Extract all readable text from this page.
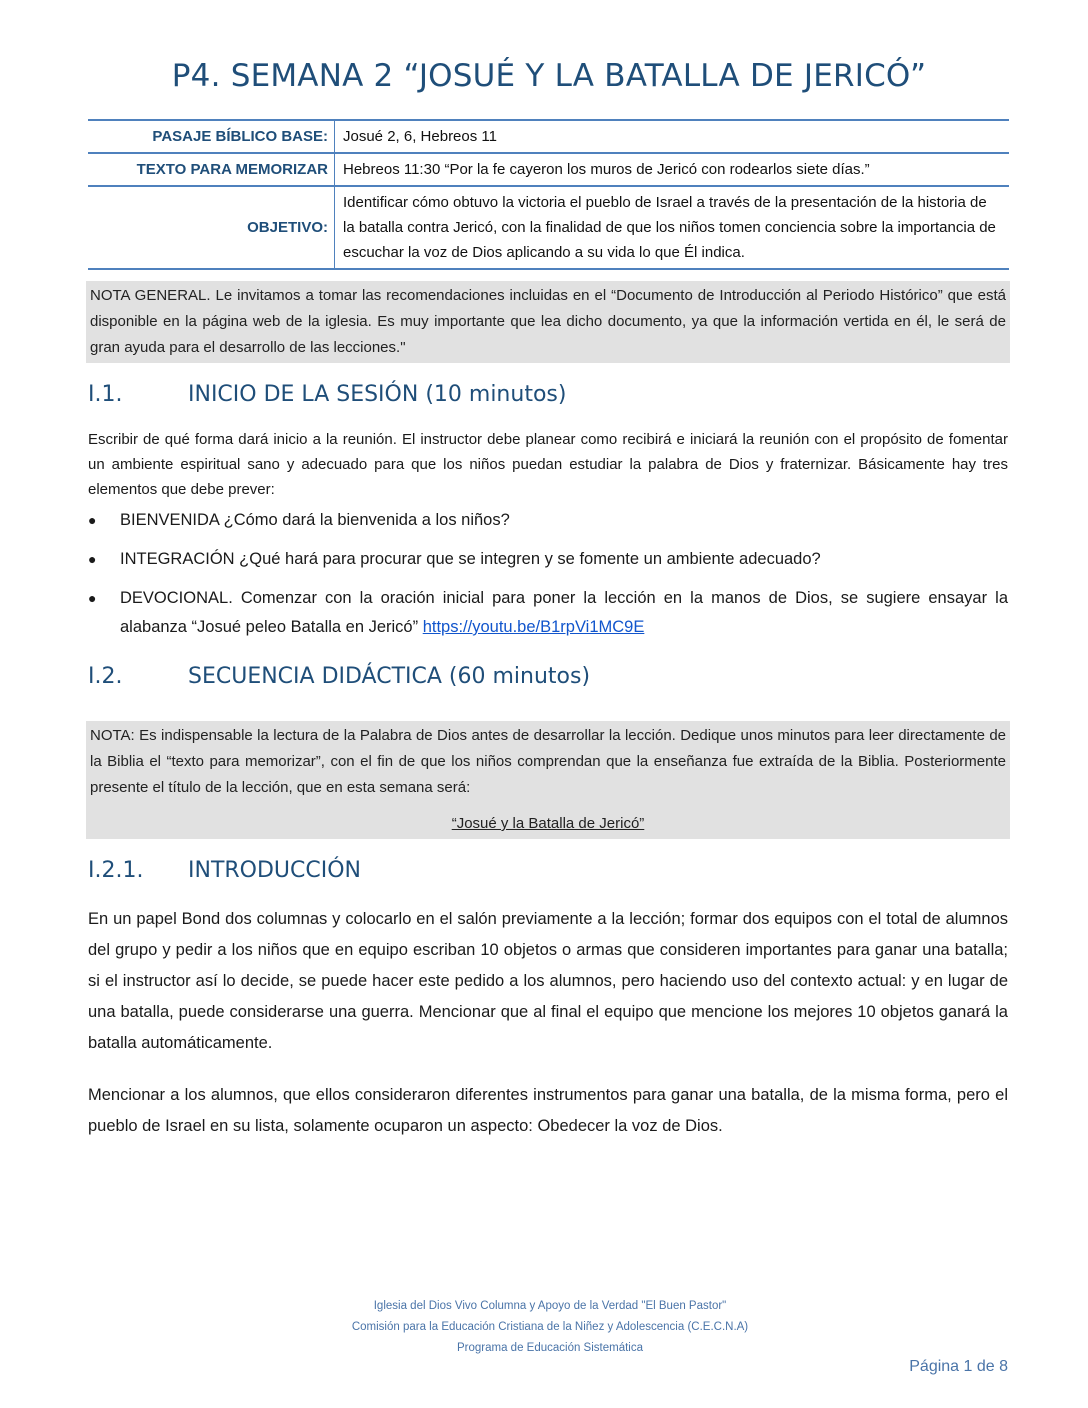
P4. SEMANA 2 “JOSUÉ Y LA BATALLA DE JERICÓ”
PASAJE BÍBLICO BASE:	Josué 2, 6, Hebreos 11
TEXTO PARA MEMORIZAR	Hebreos 11:30 “Por la fe cayeron los muros de Jericó con rodearlos siete días.”
OBJETIVO:	Identificar cómo obtuvo la victoria el pueblo de Israel a través de la presentación de la historia de la batalla contra Jericó, con la finalidad de que los niños tomen conciencia sobre la importancia de escuchar la voz de Dios aplicando a su vida lo que Él indica.
NOTA GENERAL. Le invitamos a tomar las recomendaciones incluidas en el “Documento de Introducción al Periodo Histórico” que está disponible en la página web de la iglesia. Es muy importante que lea dicho documento, ya que la información vertida en él, le será de gran ayuda para el desarrollo de las lecciones."
I.1.	INICIO DE LA SESIÓN (10 minutos)
Escribir de qué forma dará inicio a la reunión. El instructor debe planear como recibirá e iniciará la reunión con el propósito de fomentar un ambiente espiritual sano y adecuado para que los niños puedan estudiar la palabra de Dios y fraternizar. Básicamente hay tres elementos que debe prever:
●	BIENVENIDA ¿Cómo dará la bienvenida a los niños?
●	INTEGRACIÓN ¿Qué hará para procurar que se integren y se fomente un ambiente adecuado?
●	DEVOCIONAL. Comenzar con la oración inicial para poner la lección en la manos de Dios, se sugiere ensayar la alabanza “Josué peleo Batalla en Jericó” https://youtu.be/B1rpVi1MC9E
I.2.	SECUENCIA DIDÁCTICA (60 minutos)
NOTA: Es indispensable la lectura de la Palabra de Dios antes de desarrollar la lección. Dedique unos minutos para leer directamente de la Biblia el “texto para memorizar”, con el fin de que los niños comprendan que la enseñanza fue extraída de la Biblia. Posteriormente presente el título de la lección, que en esta semana será:
“Josué y la Batalla de Jericó”
I.2.1. INTRODUCCIÓN
En un papel Bond dos columnas y colocarlo en el salón previamente a la lección; formar dos equipos con el total de alumnos del grupo y pedir a los niños que en equipo escriban 10 objetos o armas que consideren importantes para ganar una batalla; si el instructor así lo decide, se puede hacer este pedido a los alumnos, pero haciendo uso del contexto actual: y en lugar de una batalla, puede considerarse una guerra. Mencionar que al final el equipo que mencione los mejores 10 objetos ganará la batalla automáticamente.
Mencionar a los alumnos, que ellos consideraron diferentes instrumentos para ganar una batalla, de la misma forma, pero el pueblo de Israel en su lista, solamente ocuparon un aspecto: Obedecer la voz de Dios.
Iglesia del Dios Vivo Columna y Apoyo de la Verdad "El Buen Pastor"
Comisión para la Educación Cristiana de la Niñez y Adolescencia (C.E.C.N.A)
Programa de Educación Sistemática
Página 1 de 8
